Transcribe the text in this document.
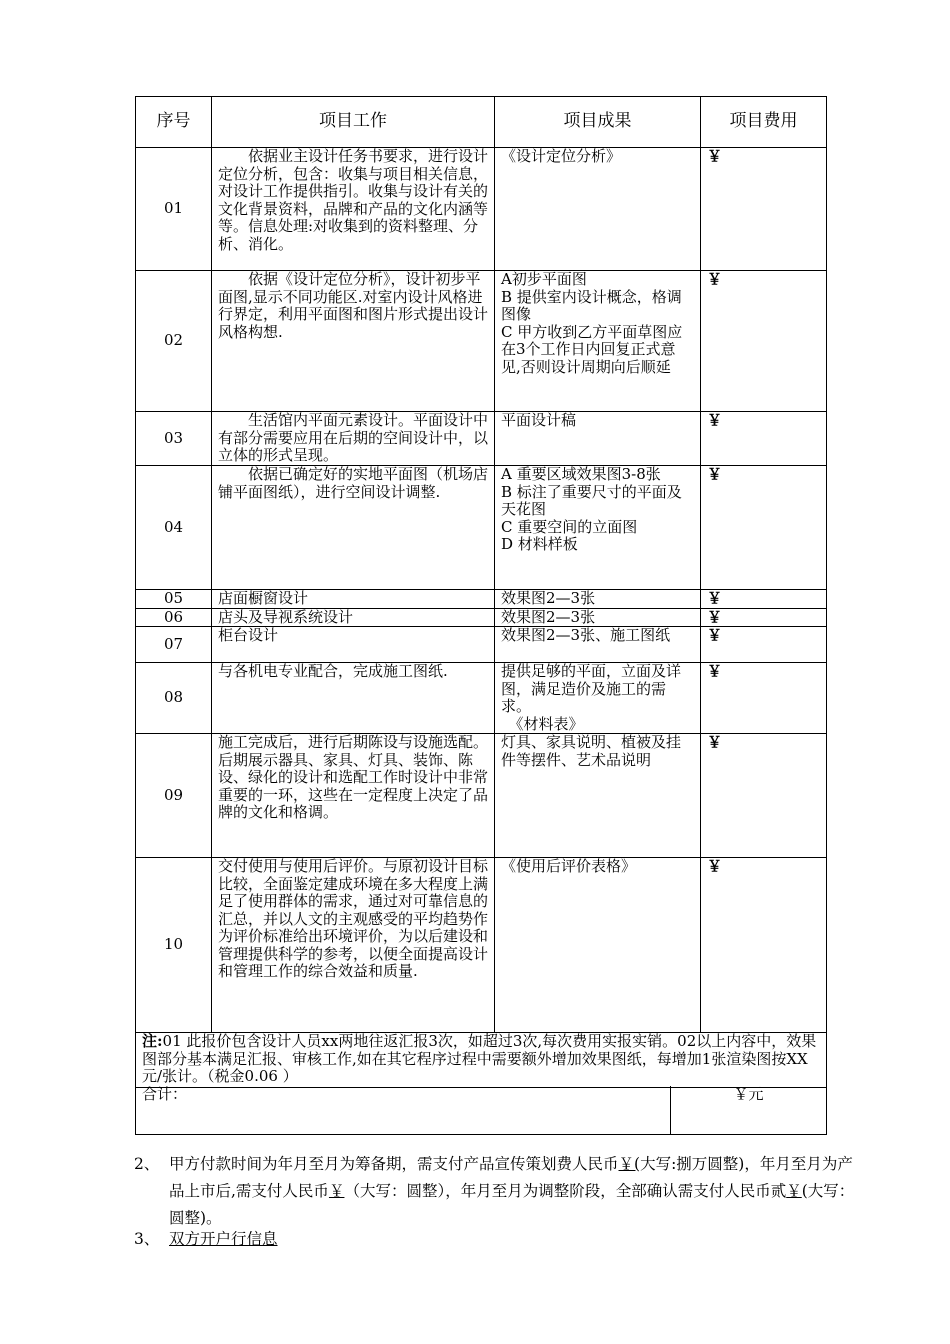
序号	项目工作	项目成果	项目费用
01	　　依据业主设计任务书要求，进行设计定位分析，包含：收集与项目相关信息，对设计工作提供指引。收集与设计有关的文化背景资料，品牌和产品的文化内涵等等。信息处理:对收集到的资料整理、分析、消化。	《设计定位分析》	￥
02	　　依据《设计定位分析》，设计初步平面图,显示不同功能区.对室内设计风格进行界定，利用平面图和图片形式提出设计风格构想.	A初步平面图
B 提供室内设计概念，格调图像
C 甲方收到乙方平面草图应在3个工作日内回复正式意见,否则设计周期向后顺延	￥
03	　　生活馆内平面元素设计。平面设计中有部分需要应用在后期的空间设计中，以立体的形式呈现。	平面设计稿	￥
04	　　依据已确定好的实地平面图（机场店铺平面图纸），进行空间设计调整.	A 重要区域效果图3-8张
B 标注了重要尺寸的平面及天花图
C 重要空间的立面图
D 材料样板	￥
05	店面橱窗设计	效果图2—3张	￥
06	店头及导视系统设计	效果图2—3张	￥
07	柜台设计	效果图2—3张、施工图纸	￥
08	与各机电专业配合，完成施工图纸.	提供足够的平面，立面及详图，满足造价及施工的需求。
　《材料表》	￥
09	施工完成后，进行后期陈设与设施选配。后期展示器具、家具、灯具、装饰、陈设、绿化的设计和选配工作时设计中非常重要的一环，这些在一定程度上决定了品牌的文化和格调。	灯具、家具说明、植被及挂件等摆件、艺术品说明	￥
10	交付使用与使用后评价。与原初设计目标比较，全面鉴定建成环境在多大程度上满足了使用群体的需求，通过对可靠信息的汇总，并以人文的主观感受的平均趋势作为评价标准给出环境评价，为以后建设和管理提供科学的参考，以便全面提高设计和管理工作的综合效益和质量.	《使用后评价表格》	￥
注:01 此报价包含设计人员xx两地往返汇报3次，如超过3次,每次费用实报实销。02以上内容中，效果图部分基本满足汇报、审核工作,如在其它程序过程中需要额外增加效果图纸，每增加1张渲染图按XX 元/张计。（税金0.06 ）			
合计：	￥元
2、 甲方付款时间为年月至月为筹备期，需支付产品宣传策划费人民币￥(大写:捌万圆整)，年月至月为产品上市后,需支付人民币￥（大写：圆整），年月至月为调整阶段，全部确认需支付人民币贰￥(大写：圆整)。
3、 双方开户行信息
